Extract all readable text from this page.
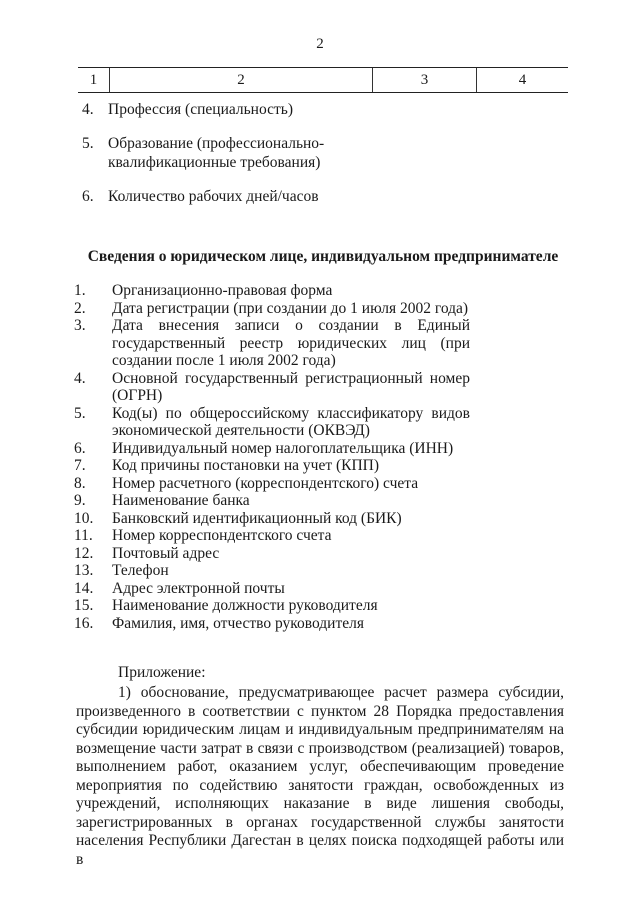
2
1	2	3	4
4. Профессия (специальность)
5. Образование (профессионально-квалификационные требования)
6. Количество рабочих дней/часов
Сведения о юридическом лице, индивидуальном предпринимателе
1.	Организационно-правовая форма
2.	Дата регистрации (при создании до 1 июля 2002 года)
3.	Дата внесения записи о создании в Единый государственный реестр юридических лиц (при создании после 1 июля 2002 года)
4.	Основной государственный регистрационный номер (ОГРН)
5.	Код(ы) по общероссийскому классификатору видов экономической деятельности (ОКВЭД)
6.	Индивидуальный номер налогоплательщика (ИНН)
7.	Код причины постановки на учет (КПП)
8.	Номер расчетного (корреспондентского) счета
9.	Наименование банка
10.	Банковский идентификационный код (БИК)
11.	Номер корреспондентского счета
12.	Почтовый адрес
13.	Телефон
14.	Адрес электронной почты
15.	Наименование должности руководителя
16.	Фамилия, имя, отчество руководителя
Приложение:
1) обоснование, предусматривающее расчет размера субсидии, произведенного в соответствии с пунктом 28 Порядка предоставления субсидии юридическим лицам и индивидуальным предпринимателям на возмещение части затрат в связи с производством (реализацией) товаров, выполнением работ, оказанием услуг, обеспечивающим проведение мероприятия по содействию занятости граждан, освобожденных из учреждений, исполняющих наказание в виде лишения свободы, зарегистрированных в органах государственной службы занятости населения Республики Дагестан в целях поиска подходящей работы или в
